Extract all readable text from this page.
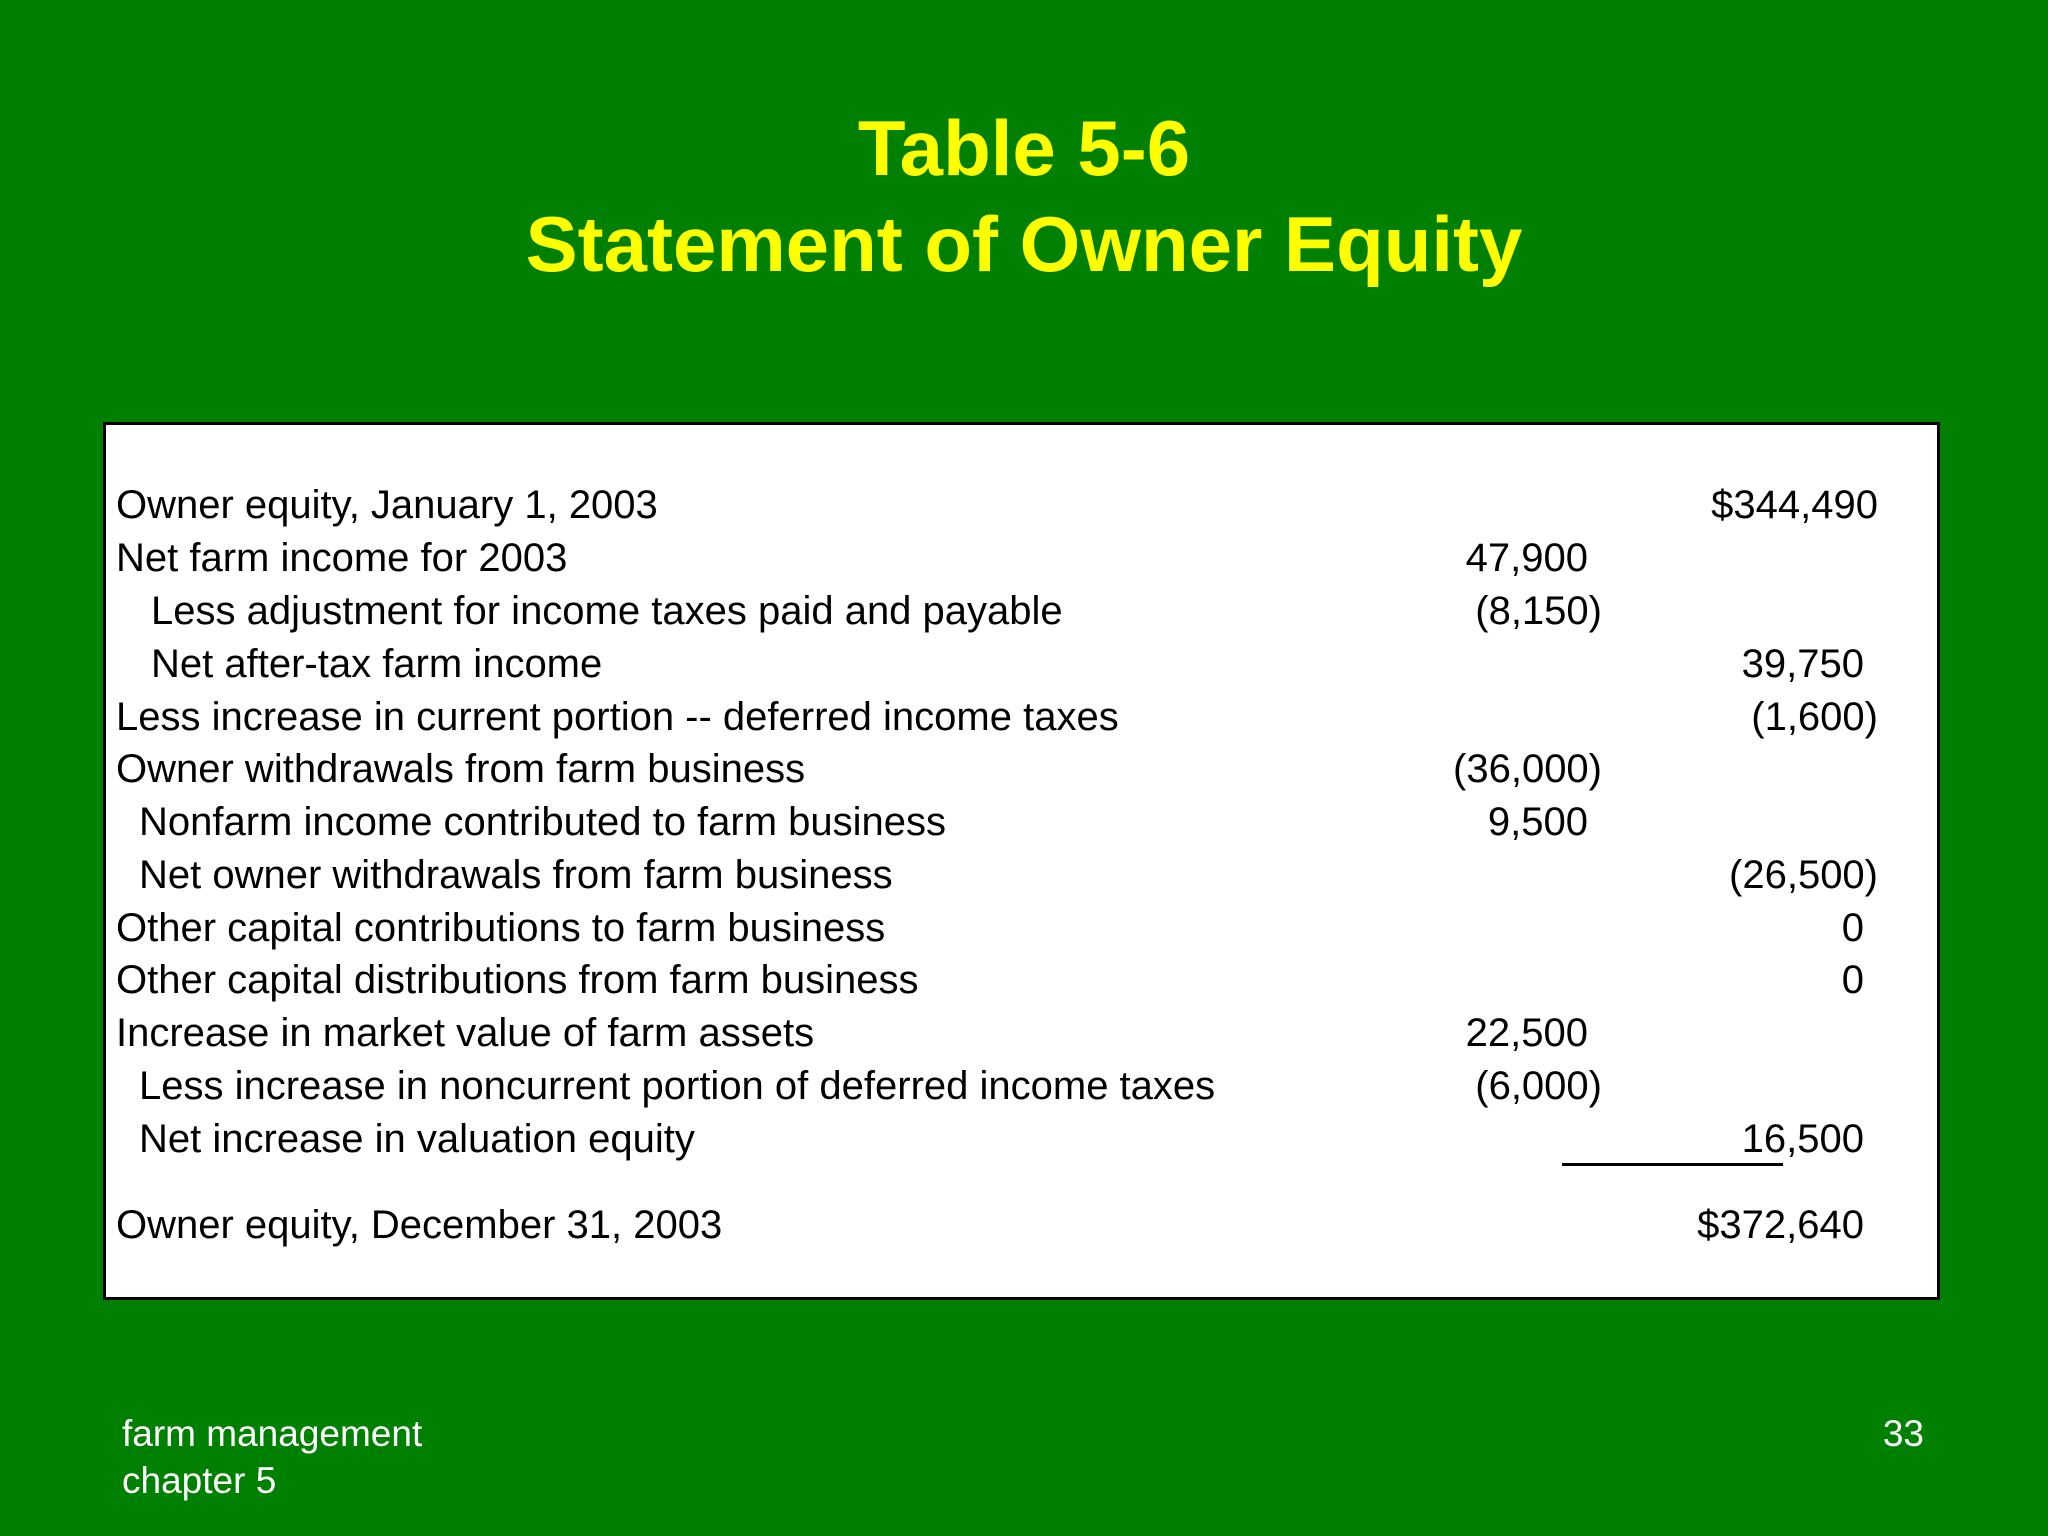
Table 5-6
Statement of Owner Equity
Owner equity, January 1, 2003	$344,490
Net farm income for 2003	47,900
Less adjustment for income taxes paid and payable	(8,150)
Net after-tax farm income	39,750
Less increase in current portion -- deferred income taxes	(1,600)
Owner withdrawals from farm business	(36,000)
Nonfarm income contributed to farm business	9,500
Net owner withdrawals from farm business	(26,500)
Other capital contributions to farm business	0
Other capital distributions from farm business	0
Increase in market value of farm assets	22,500
Less increase in noncurrent portion of deferred income taxes	(6,000)
Net increase in valuation equity	16,500
Owner equity, December 31, 2003	$372,640
farm management
chapter 5
33
